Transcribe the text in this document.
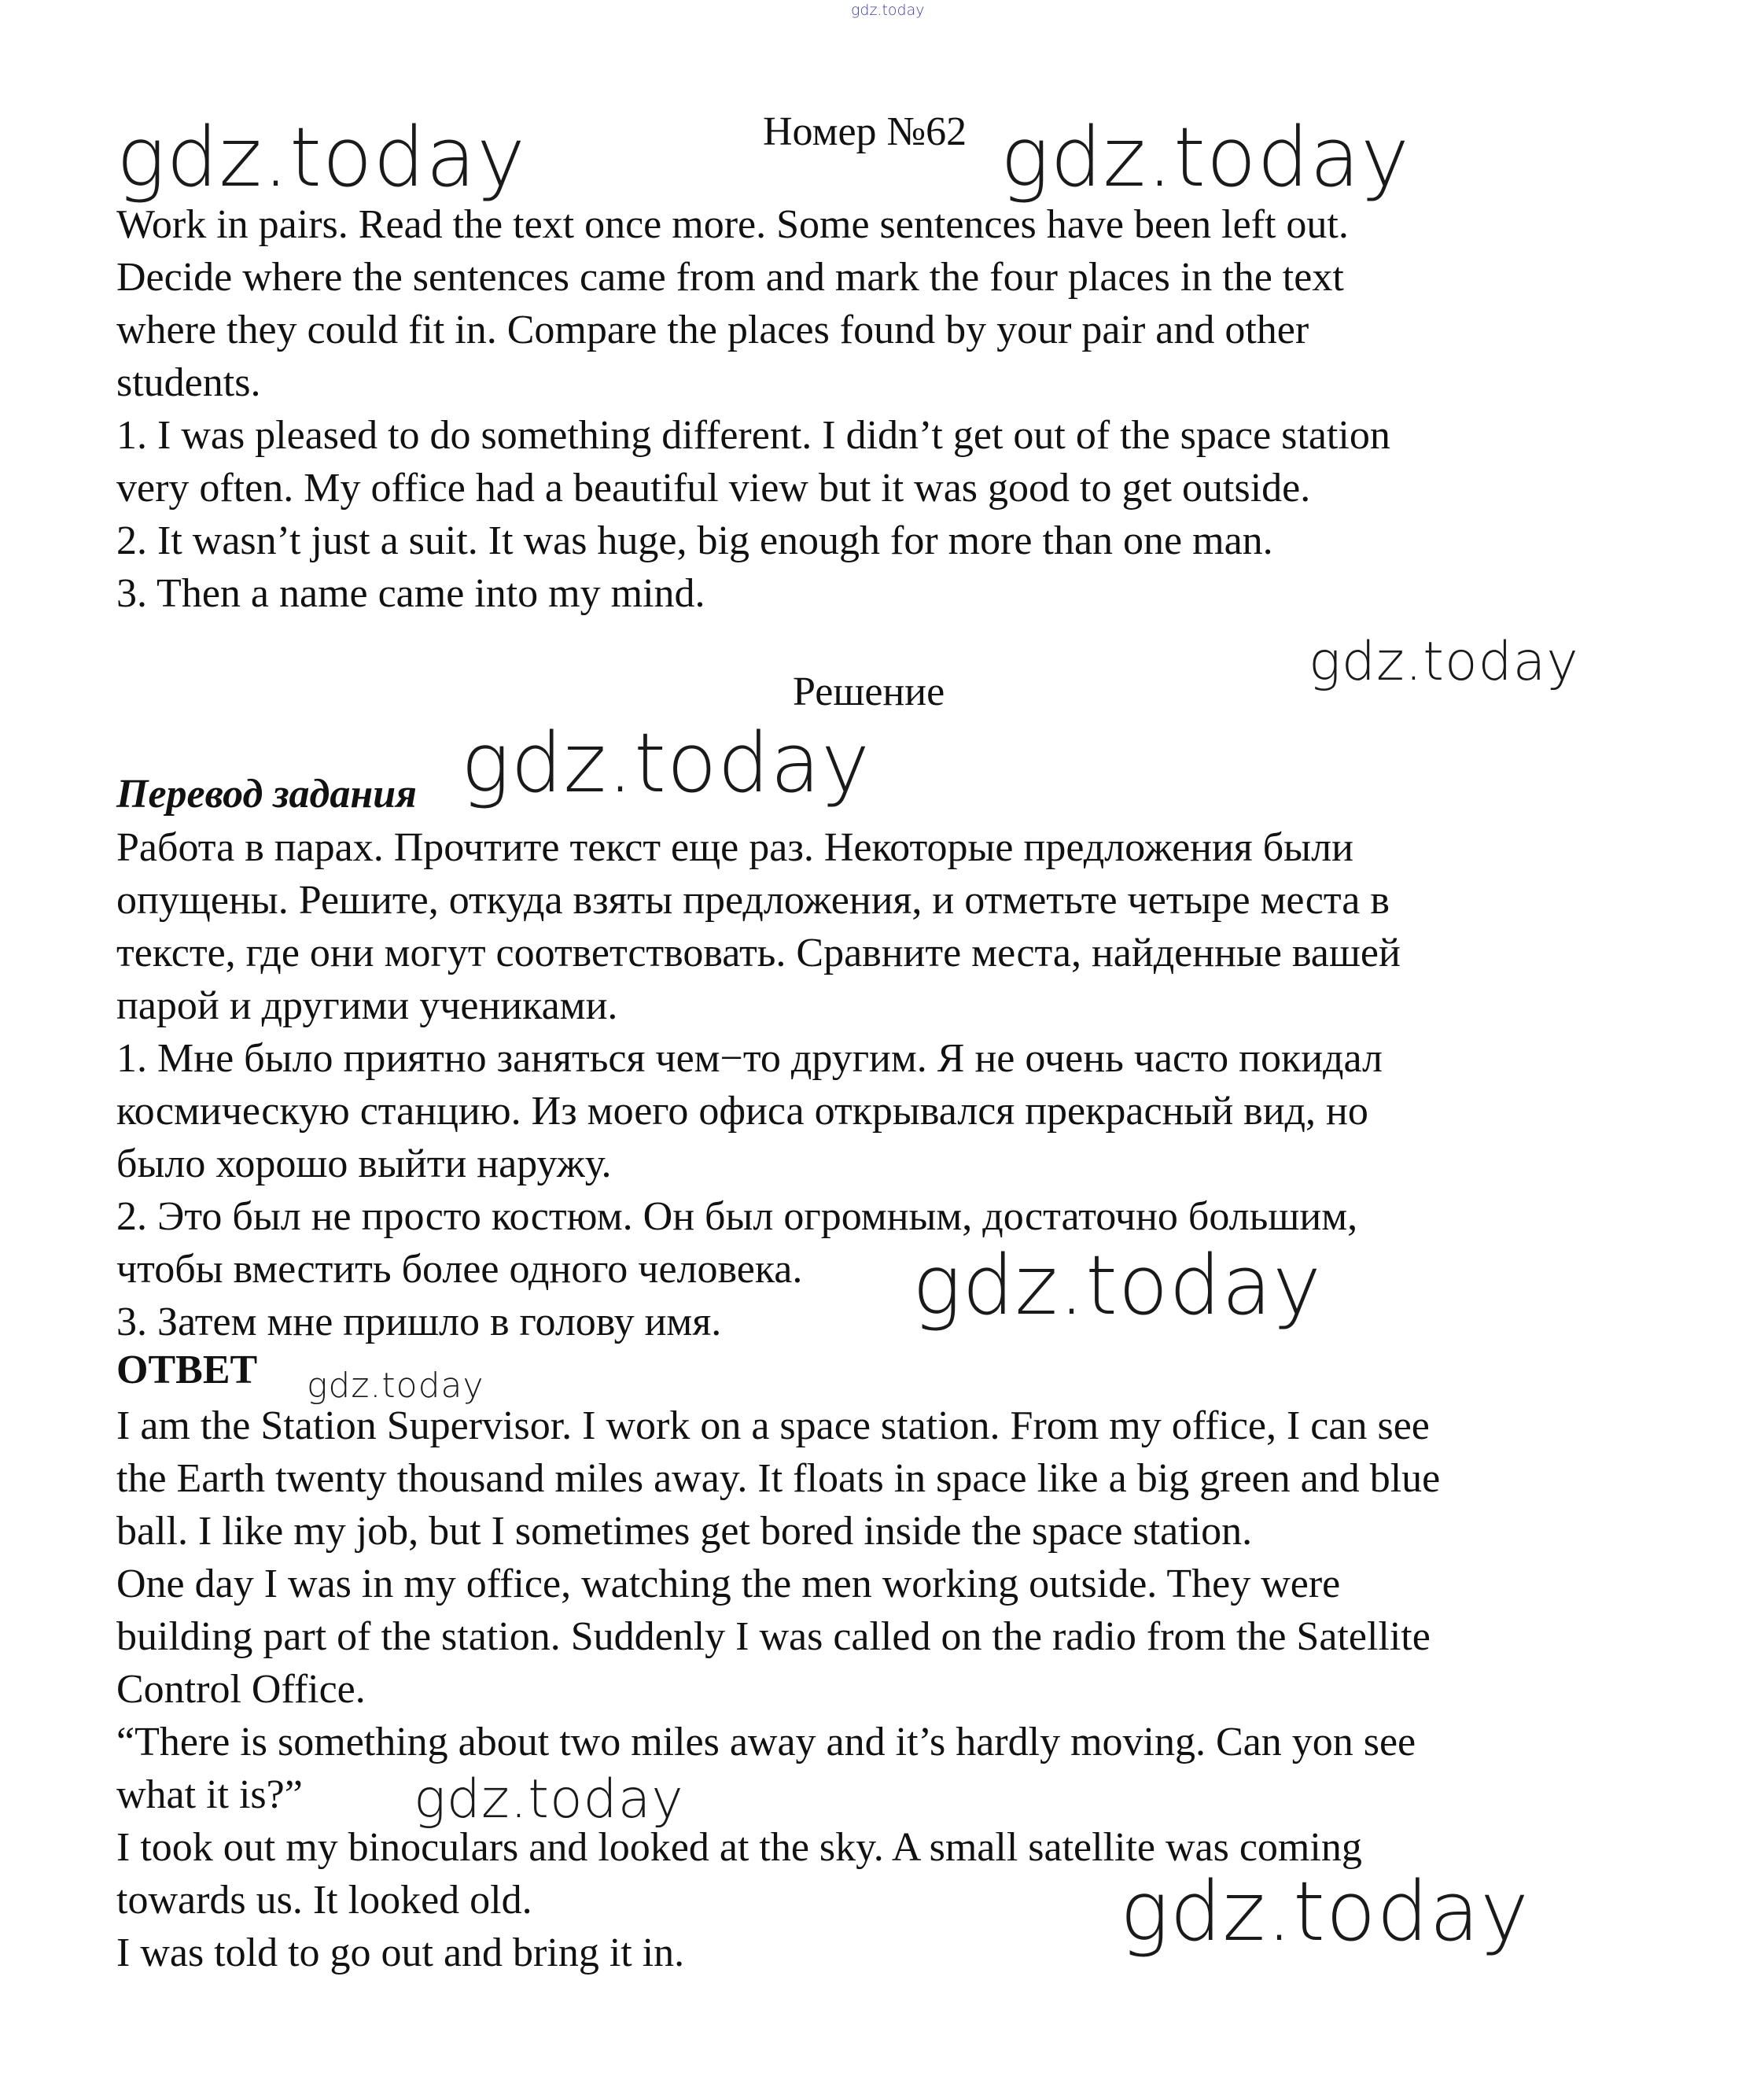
gdz.today
gdz.today	gdz.today
Номер №62

Work in pairs. Read the text once more. Some sentences have been left out.

Decide where the sentences came from and mark the four places in the text

where they could fit in. Compare the places found by your pair and other

students.

1. I was pleased to do something different. I didn’t get out of the space station

very often. My office had a beautiful view but it was good to get outside.

2. It wasn’t just a suit. It was huge, big enough for more than one man.

3. Then a name came into my mind.

gdz.today
Решение
Перевод задания gdz.today

Работа в парах. Прочтите текст еще раз. Некоторые предложения были

опущены. Решите, откуда взяты предложения, и отметьте четыре места в

тексте, где они могут соответствовать. Сравните места, найденные вашей

парой и другими учениками.

1. Мне было приятно заняться чем−то другим. Я не очень часто покидал

космическую станцию. Из моего офиса открывался прекрасный вид, но

было хорошо выйти наружу.

2. Это был не просто костюм. Он был огромным, достаточно большим,

чтобы вместить более одного человека.

3. Затем мне пришло в голову имя.	gdz.today
ОТВЕТ gdz.today

I am the Station Supervisor. I work on a space station. From my office, I can see

the Earth twenty thousand miles away. It floats in space like a big green and blue

ball. I like my job, but I sometimes get bored inside the space station.

One day I was in my office, watching the men working outside. They were

building part of the station. Suddenly I was called on the radio from the Satellite

Control Office.

“There is something about two miles away and it’s hardly moving. Can yon see

what it is?”

I took out my binoculars and looked at the sky. A small satellite was coming

towards us. It looked old.

I was told to go out and bring it in.

gdz.today
gdz.today
